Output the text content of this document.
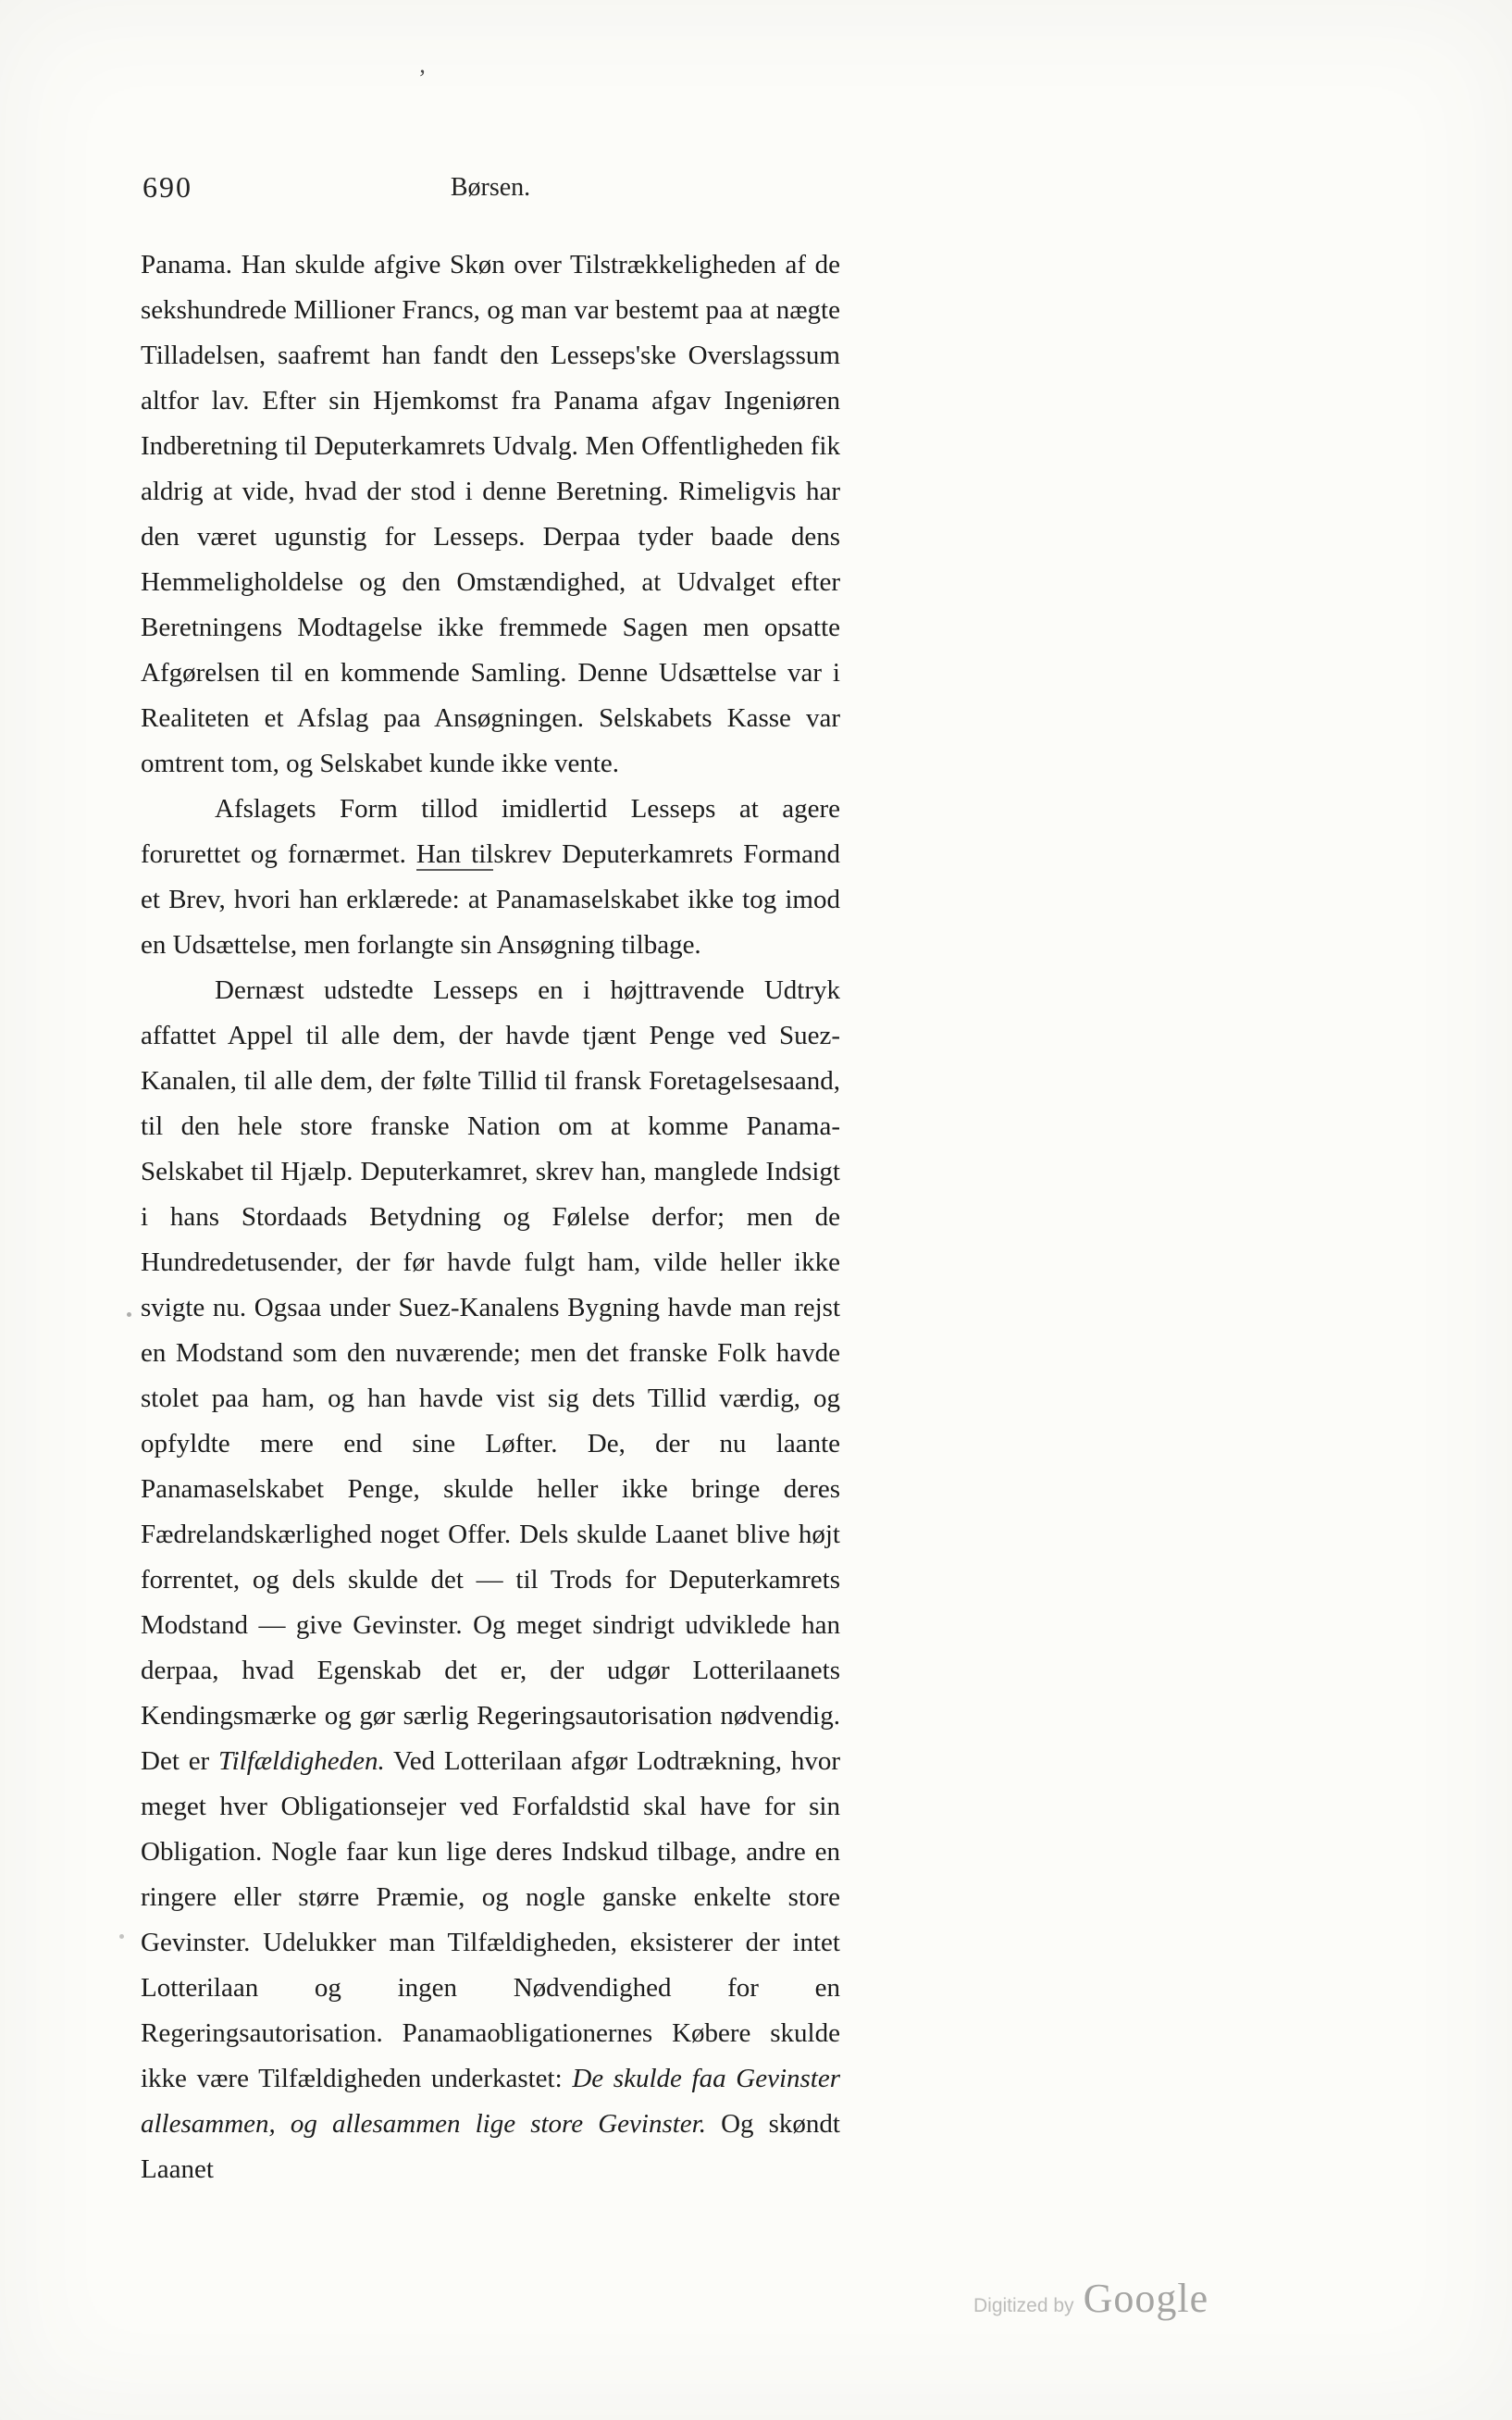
’
690	Børsen.

Panama. Han skulde afgive Skøn over Tilstrækkeligheden af de sekshundrede Millioner Francs, og man var bestemt paa at nægte Tilladelsen, saafremt han fandt den Lesseps'ske Overslagssum altfor lav. Efter sin Hjemkomst fra Panama afgav Ingeniøren Indberetning til Deputerkamrets Udvalg. Men Offentligheden fik aldrig at vide, hvad der stod i denne Beretning. Rimeligvis har den været ugunstig for Lesseps. Derpaa tyder baade dens Hemmeligholdelse og den Omstændighed, at Udvalget efter Beretningens Modtagelse ikke fremmede Sagen men opsatte Afgørelsen til en kommende Samling. Denne Udsættelse var i Realiteten et Afslag paa Ansøgningen. Selskabets Kasse var omtrent tom, og Selskabet kunde ikke vente.

Afslagets Form tillod imidlertid Lesseps at agere forurettet og fornærmet. Han tilskrev Deputerkamrets Formand et Brev, hvori han erklærede: at Panamaselskabet ikke tog imod en Udsættelse, men forlangte sin Ansøgning tilbage.

Dernæst udstedte Lesseps en i højttravende Udtryk affattet Appel til alle dem, der havde tjænt Penge ved Suez-Kanalen, til alle dem, der følte Tillid til fransk Foretagelsesaand, til den hele store franske Nation om at komme Panama-Selskabet til Hjælp. Deputerkamret, skrev han, manglede Indsigt i hans Stordaads Betydning og Følelse derfor; men de Hundredetusender, der før havde fulgt ham, vilde heller ikke svigte nu. Ogsaa under Suez-Kanalens Bygning havde man rejst en Modstand som den nuværende; men det franske Folk havde stolet paa ham, og han havde vist sig dets Tillid værdig, og opfyldte mere end sine Løfter. De, der nu laante Panamaselskabet Penge, skulde heller ikke bringe deres Fædrelandskærlighed noget Offer. Dels skulde Laanet blive højt forrentet, og dels skulde det — til Trods for Deputerkamrets Modstand — give Gevinster. Og meget sindrigt udviklede han derpaa, hvad Egenskab det er, der udgør Lotterilaanets Kendingsmærke og gør særlig Regeringsautorisation nødvendig. Det er Tilfældigheden. Ved Lotterilaan afgør Lodtrækning, hvor meget hver Obligationsejer ved Forfaldstid skal have for sin Obligation. Nogle faar kun lige deres Indskud tilbage, andre en ringere eller større Præmie, og nogle ganske enkelte store Gevinster. Udelukker man Tilfældigheden, eksisterer der intet Lotterilaan og ingen Nødvendighed for en Regeringsautorisation. Panamaobligationernes Købere skulde ikke være Tilfældigheden underkastet: De skulde faa Gevinster allesammen, og allesammen lige store Gevinster. Og skøndt Laanet

Digitized by Google
